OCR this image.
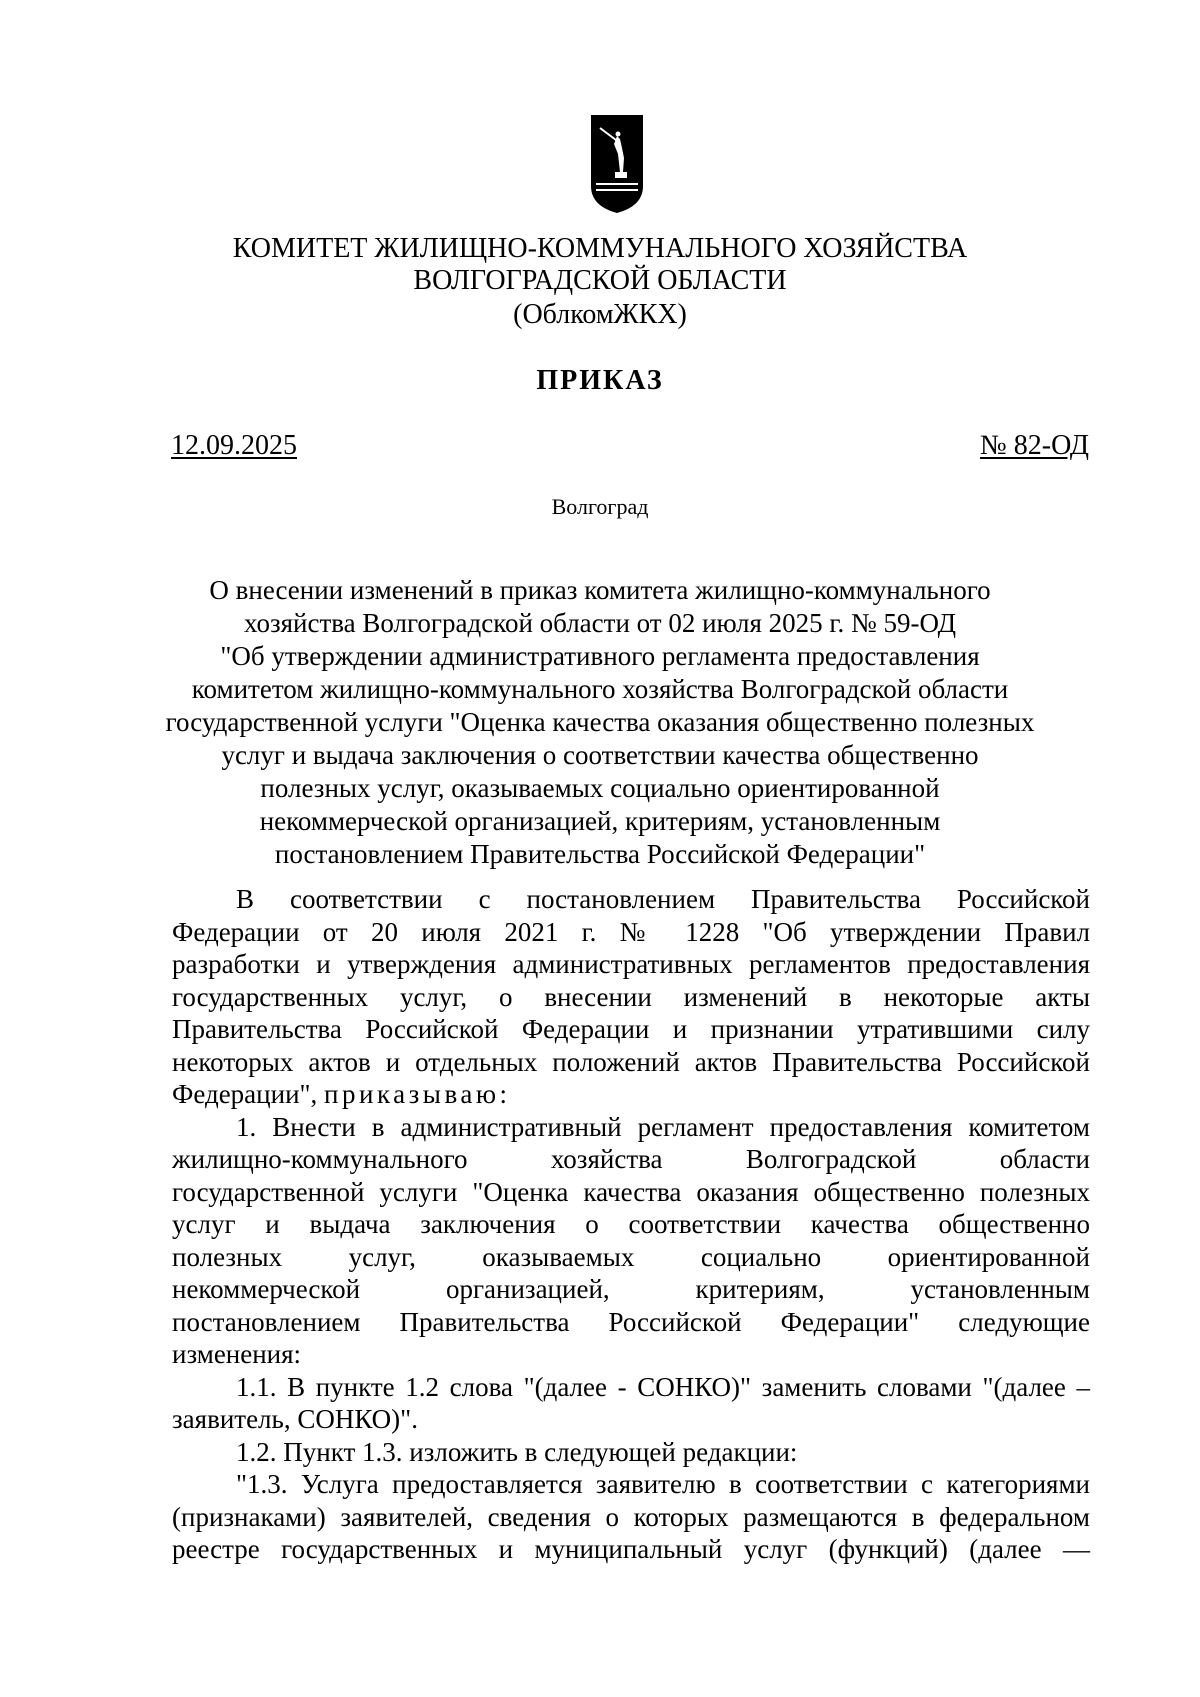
КОМИТЕТ ЖИЛИЩНО-КОММУНАЛЬНОГО ХОЗЯЙСТВА
ВОЛГОГРАДСКОЙ ОБЛАСТИ
(ОблкомЖКХ)
ПРИКАЗ
12.09.2025	№ 82-ОД
Волгоград
О внесении изменений в приказ комитета жилищно-коммунального
хозяйства Волгоградской области от 02 июля 2025 г. № 59-ОД
"Об утверждении административного регламента предоставления
комитетом жилищно-коммунального хозяйства Волгоградской области
государственной услуги "Оценка качества оказания общественно полезных
услуг и выдача заключения о соответствии качества общественно
полезных услуг, оказываемых социально ориентированной
некоммерческой организацией, критериям, установленным
постановлением Правительства Российской Федерации"
В соответствии с постановлением Правительства Российской
Федерации от 20 июля 2021 г. № 1228 "Об утверждении Правил
разработки и утверждения административных регламентов предоставления
государственных услуг, о внесении изменений в некоторые акты
Правительства Российской Федерации и признании утратившими силу
некоторых актов и отдельных положений актов Правительства Российской
Федерации", приказываю:
1. Внести в административный регламент предоставления комитетом
жилищно-коммунального хозяйства Волгоградской области
государственной услуги "Оценка качества оказания общественно полезных
услуг и выдача заключения о соответствии качества общественно
полезных услуг, оказываемых социально ориентированной
некоммерческой организацией, критериям, установленным
постановлением Правительства Российской Федерации" следующие
изменения:
1.1. В пункте 1.2 слова "(далее - СОНКО)" заменить словами "(далее –
заявитель, СОНКО)".
1.2. Пункт 1.3. изложить в следующей редакции:
"1.3. Услуга предоставляется заявителю в соответствии с категориями
(признаками) заявителей, сведения о которых размещаются в федеральном
реестре государственных и муниципальный услуг (функций) (далее —
